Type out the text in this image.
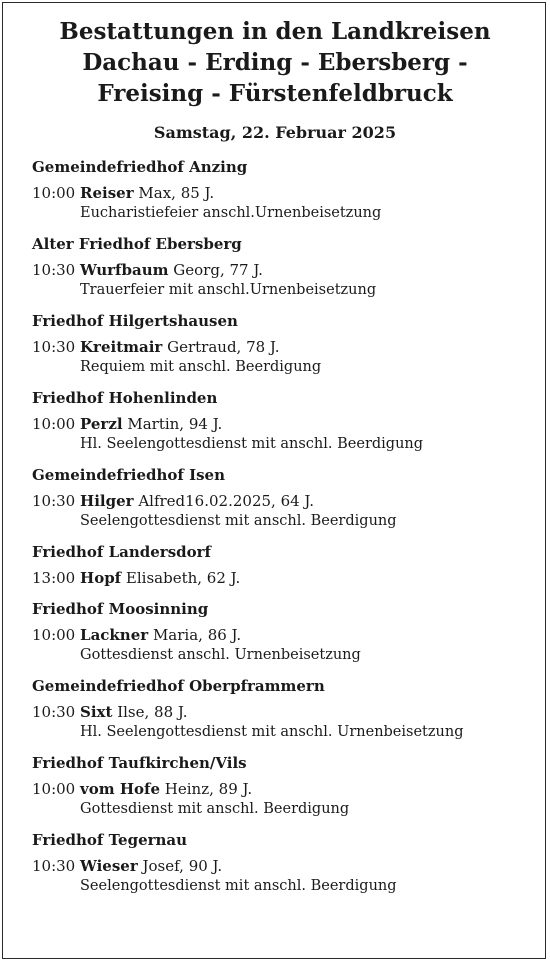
Bestattungen in den Landkreisen
Dachau - Erding - Ebersberg -
Freising - Fürstenfeldbruck
Samstag, 22. Februar 2025
Gemeindefriedhof Anzing
10:00 Reiser Max, 85 J.
Eucharistiefeier anschl.Urnenbeisetzung
Alter Friedhof Ebersberg
10:30 Wurfbaum Georg, 77 J.
Trauerfeier mit anschl.Urnenbeisetzung
Friedhof Hilgertshausen
10:30 Kreitmair Gertraud, 78 J.
Requiem mit anschl. Beerdigung
Friedhof Hohenlinden
10:00 Perzl Martin, 94 J.
Hl. Seelengottesdienst mit anschl. Beerdigung
Gemeindefriedhof Isen
10:30 Hilger Alfred16.02.2025, 64 J.
Seelengottesdienst mit anschl. Beerdigung
Friedhof Landersdorf
13:00 Hopf Elisabeth, 62 J.
Friedhof Moosinning
10:00 Lackner Maria, 86 J.
Gottesdienst anschl. Urnenbeisetzung
Gemeindefriedhof Oberpframmern
10:30 Sixt Ilse, 88 J.
Hl. Seelengottesdienst mit anschl. Urnenbeisetzung
Friedhof Taufkirchen/Vils
10:00 vom Hofe Heinz, 89 J.
Gottesdienst mit anschl. Beerdigung
Friedhof Tegernau
10:30 Wieser Josef, 90 J.
Seelengottesdienst mit anschl. Beerdigung
